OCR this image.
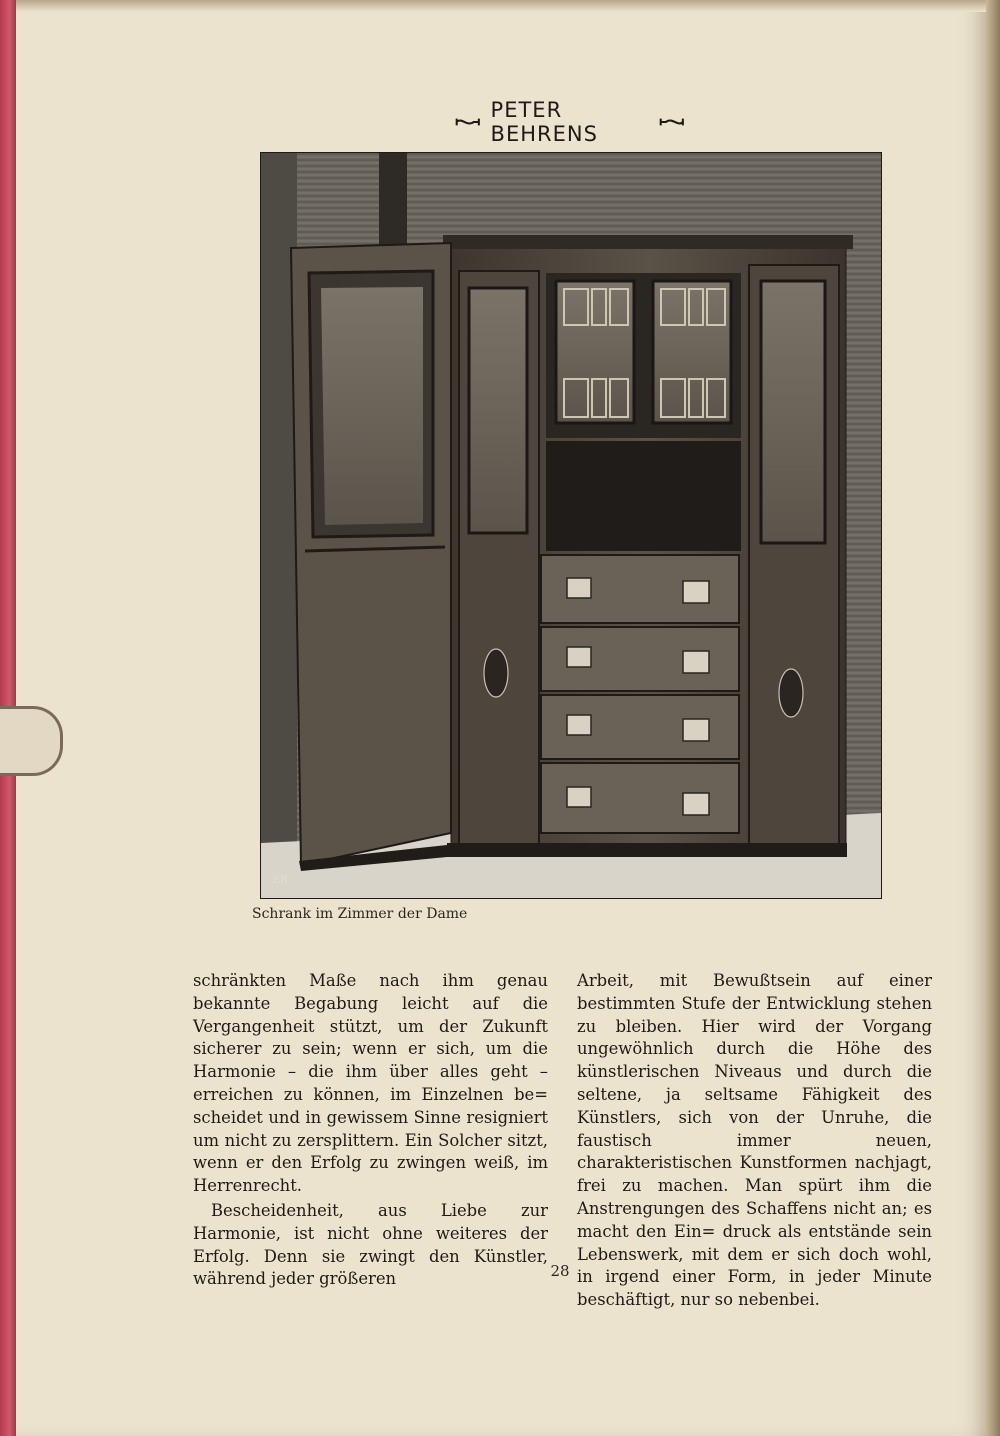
PETER BEHRENS
EB
Schrank im Zimmer der Dame

schränkten Maße nach ihm genau bekannte Begabung leicht auf die Vergangenheit stützt, um der Zukunft sicherer zu sein; wenn er sich, um die Harmonie – die ihm über alles geht – erreichen zu können, im Einzelnen be= scheidet und in gewissem Sinne resigniert um nicht zu zersplittern. Ein Solcher sitzt, wenn er den Erfolg zu zwingen weiß, im Herrenrecht.

Bescheidenheit, aus Liebe zur Harmonie, ist nicht ohne weiteres der Erfolg. Denn sie zwingt den Künstler, während jeder größeren

Arbeit, mit Bewußtsein auf einer bestimmten Stufe der Entwicklung stehen zu bleiben. Hier wird der Vorgang ungewöhnlich durch die Höhe des künstlerischen Niveaus und durch die seltene, ja seltsame Fähigkeit des Künstlers, sich von der Unruhe, die faustisch immer neuen, charakteristischen Kunstformen nachjagt, frei zu machen. Man spürt ihm die Anstrengungen des Schaffens nicht an; es macht den Ein= druck als entstände sein Lebenswerk, mit dem er sich doch wohl, in irgend einer Form, in jeder Minute beschäftigt, nur so nebenbei.

28
